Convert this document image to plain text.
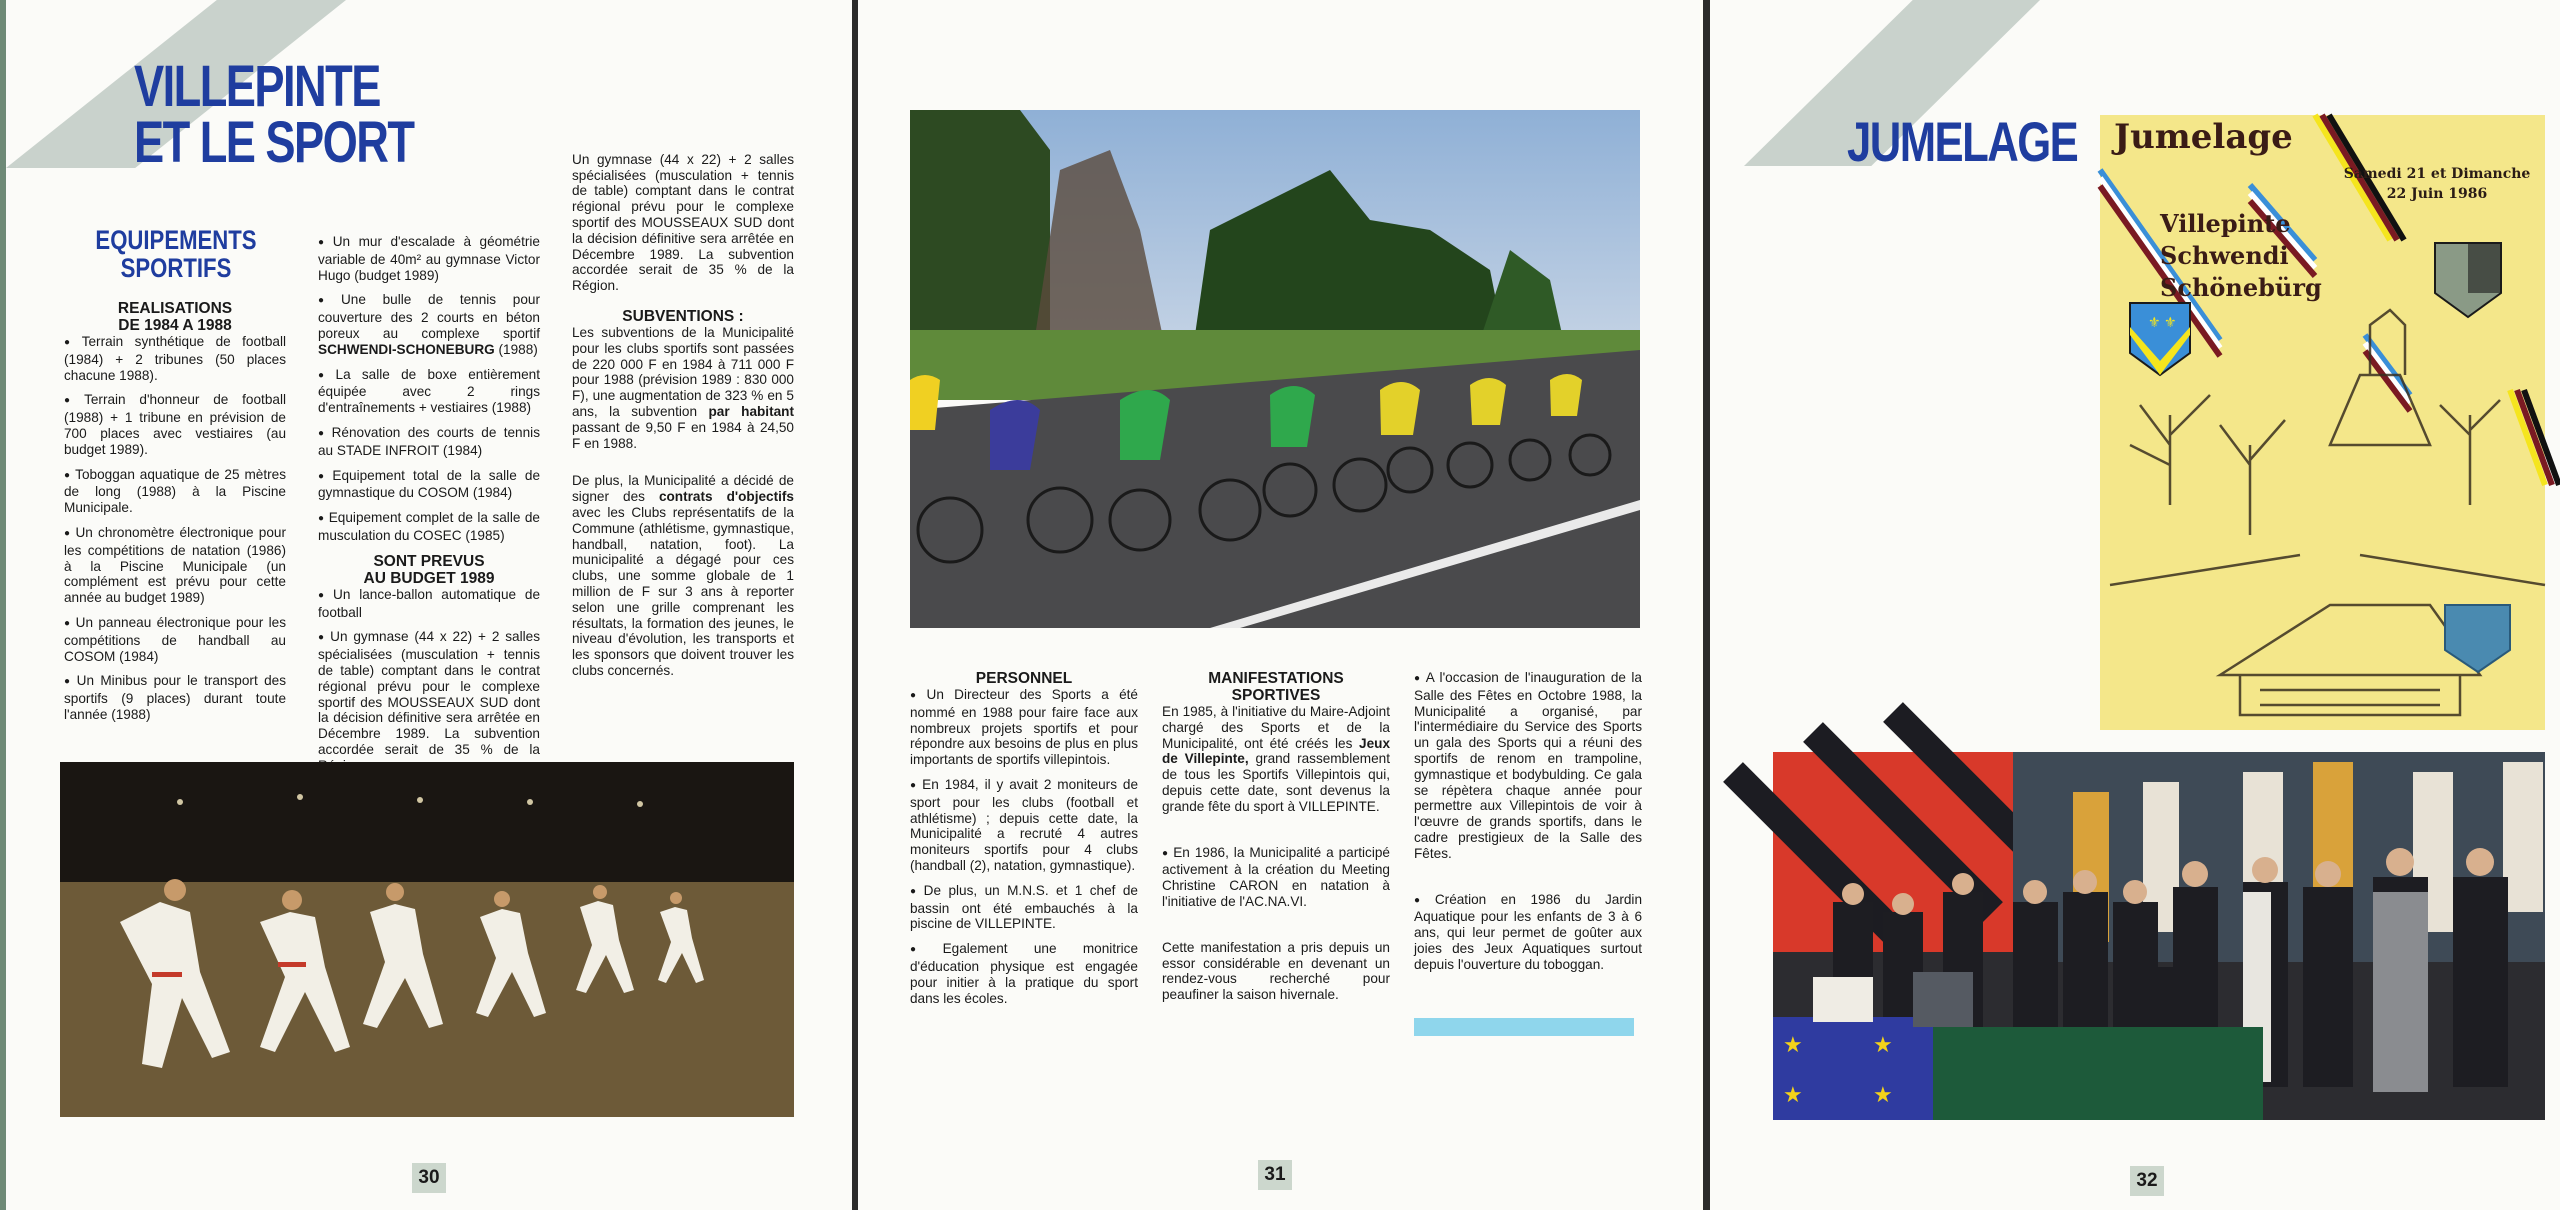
VILLEPINTE
ET LE SPORT
EQUIPEMENTS
SPORTIFS
REALISATIONS
DE 1984 A 1988

● Terrain synthétique de football (1984) + 2 tribunes (50 places chacune 1988).

● Terrain d'honneur de football (1988) + 1 tribune en prévision de 700 places avec vestiaires (au budget 1989).

● Toboggan aquatique de 25 mètres de long (1988) à la Piscine Municipale.

● Un chronomètre électronique pour les compétitions de natation (1986) à la Piscine Municipale (un complément est prévu pour cette année au budget 1989)

● Un panneau électronique pour les compétitions de handball au COSOM (1984)

● Un Minibus pour le transport des sportifs (9 places) durant toute l'année (1988)

● Un mur d'escalade à géométrie variable de 40m² au gymnase Victor Hugo (budget 1989)

● Une bulle de tennis pour couverture des 2 courts en béton poreux au complexe sportif SCHWENDI-SCHONEBURG (1988)

● La salle de boxe entièrement équipée avec 2 rings d'entraînements + vestiaires (1988)

● Rénovation des courts de tennis au STADE INFROIT (1984)

● Equipement total de la salle de gymnastique du COSOM (1984)

● Equipement complet de la salle de musculation du COSEC (1985)

SONT PREVUS
AU BUDGET 1989

● Un lance-ballon automatique de football

● Un gymnase (44 x 22) + 2 salles spécialisées (musculation + tennis de table) comptant dans le contrat régional prévu pour le complexe sportif des MOUSSEAUX SUD dont la décision définitive sera arrêtée en Décembre 1989. La subvention accordée serait de 35 % de la

Un gymnase (44 x 22) + 2 salles spécialisées (musculation + tennis de table) comptant dans le contrat régional prévu pour le complexe sportif des MOUSSEAUX SUD dont la décision définitive sera arrêtée en Décembre 1989. La subvention accordée serait de 35 % de la Région.

SUBVENTIONS :

Les subventions de la Municipalité pour les clubs sportifs sont passées de 220 000 F en 1984 à 711 000 F pour 1988 (prévision 1989 : 830 000 F), une augmentation de 323 % en 5 ans, la subvention par habitant passant de 9,50 F en 1984 à 24,50 F en 1988.

De plus, la Municipalité a décidé de signer des contrats d'objectifs avec les Clubs représentatifs de la Commune (athlétisme, gymnastique, handball, natation, foot). La municipalité a dégagé pour ces clubs, une somme globale de 1 million de F sur 3 ans à reporter selon une grille comprenant les résultats, la formation des jeunes, le niveau d'évolution, les transports et les sponsors que doivent trouver les clubs concernés.

30
PERSONNEL

● Un Directeur des Sports a été nommé en 1988 pour faire face aux nombreux projets sportifs et pour répondre aux besoins de plus en plus importants de sportifs villepintois.

● En 1984, il y avait 2 moniteurs de sport pour les clubs (football et athlétisme) ; depuis cette date, la Municipalité a recruté 4 autres moniteurs sportifs pour 4 clubs (handball (2), natation, gymnastique).

● De plus, un M.N.S. et 1 chef de bassin ont été embauchés à la piscine de VILLEPINTE.

● Egalement une monitrice d'éducation physique est engagée pour initier à la pratique du sport dans les écoles.

MANIFESTATIONS
SPORTIVES

En 1985, à l'initiative du Maire-Adjoint chargé des Sports et de la Municipalité, ont été créés les Jeux de Villepinte, grand rassemblement de tous les Sportifs Villepintois qui, depuis cette date, sont devenus la grande fête du sport à VILLEPINTE.

● En 1986, la Municipalité a participé activement à la création du Meeting Christine CARON en natation à l'initiative de l'AC.NA.VI.

Cette manifestation a pris depuis un essor considérable en devenant un rendez-vous recherché pour peaufiner la saison hivernale.

● A l'occasion de l'inauguration de la Salle des Fêtes en Octobre 1988, la Municipalité a organisé, par l'intermédiaire du Service des Sports un gala des Sports qui a réuni des sportifs de renom en trampoline, gymnastique et bodybulding. Ce gala se répètera chaque année pour permettre aux Villepintois de voir à l'œuvre de grands sportifs, dans le cadre prestigieux de la Salle des Fêtes.

● Création en 1986 du Jardin Aquatique pour les enfants de 3 à 6 ans, qui leur permet de goûter aux joies des Jeux Aquatiques surtout depuis l'ouverture du toboggan.

31
JUMELAGE
⚜ ⚜
Jumelage
Samedi 21 et Dimanche
22 Juin 1986
Villepinte
Schwendi
Schönebürg
★	★
★	★
32
